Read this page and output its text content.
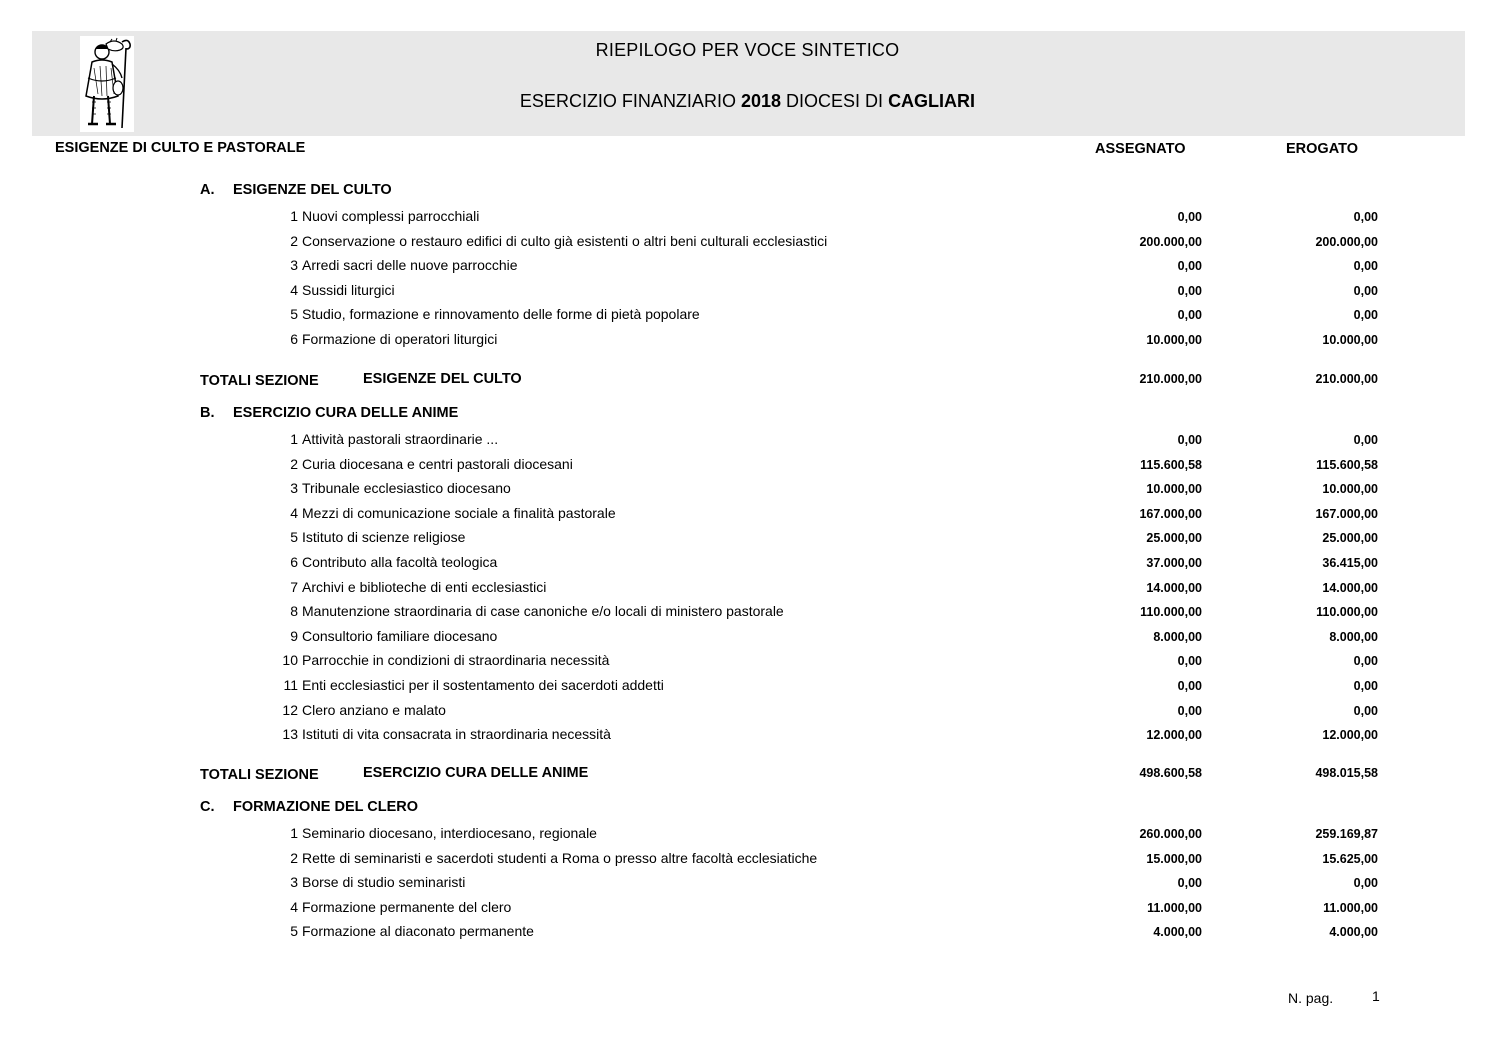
RIEPILOGO PER VOCE SINTETICO
ESERCIZIO FINANZIARIO 2018 DIOCESI DI CAGLIARI
ESIGENZE DI CULTO E PASTORALE	ASSEGNATO	EROGATO
A. ESIGENZE DEL CULTO
1 Nuovi complessi parrocchiali	0,00	0,00
2 Conservazione o restauro edifici di culto già esistenti o altri beni culturali ecclesiastici	200.000,00	200.000,00
3 Arredi sacri delle nuove parrocchie	0,00	0,00
4 Sussidi liturgici	0,00	0,00
5 Studio, formazione e rinnovamento delle forme di pietà popolare	0,00	0,00
6 Formazione di operatori liturgici	10.000,00	10.000,00
TOTALI SEZIONE	ESIGENZE DEL CULTO	210.000,00	210.000,00
B. ESERCIZIO CURA DELLE ANIME
1 Attività pastorali straordinarie ...	0,00	0,00
2 Curia diocesana e centri pastorali diocesani	115.600,58	115.600,58
3 Tribunale ecclesiastico diocesano	10.000,00	10.000,00
4 Mezzi di comunicazione sociale a finalità pastorale	167.000,00	167.000,00
5 Istituto di scienze religiose	25.000,00	25.000,00
6 Contributo alla facoltà teologica	37.000,00	36.415,00
7 Archivi e biblioteche di enti ecclesiastici	14.000,00	14.000,00
8 Manutenzione straordinaria di case canoniche e/o locali di ministero pastorale	110.000,00	110.000,00
9 Consultorio familiare diocesano	8.000,00	8.000,00
10 Parrocchie in condizioni di straordinaria necessità	0,00	0,00
11 Enti ecclesiastici per il sostentamento dei sacerdoti addetti	0,00	0,00
12 Clero anziano e malato	0,00	0,00
13 Istituti di vita consacrata in straordinaria necessità	12.000,00	12.000,00
TOTALI SEZIONE	ESERCIZIO CURA DELLE ANIME	498.600,58	498.015,58
C. FORMAZIONE DEL CLERO
1 Seminario diocesano, interdiocesano, regionale	260.000,00	259.169,87
2 Rette di seminaristi e sacerdoti studenti a Roma o presso altre facoltà ecclesiatiche	15.000,00	15.625,00
3 Borse di studio seminaristi	0,00	0,00
4 Formazione permanente del clero	11.000,00	11.000,00
5 Formazione al diaconato permanente	4.000,00	4.000,00
N. pag.	1
